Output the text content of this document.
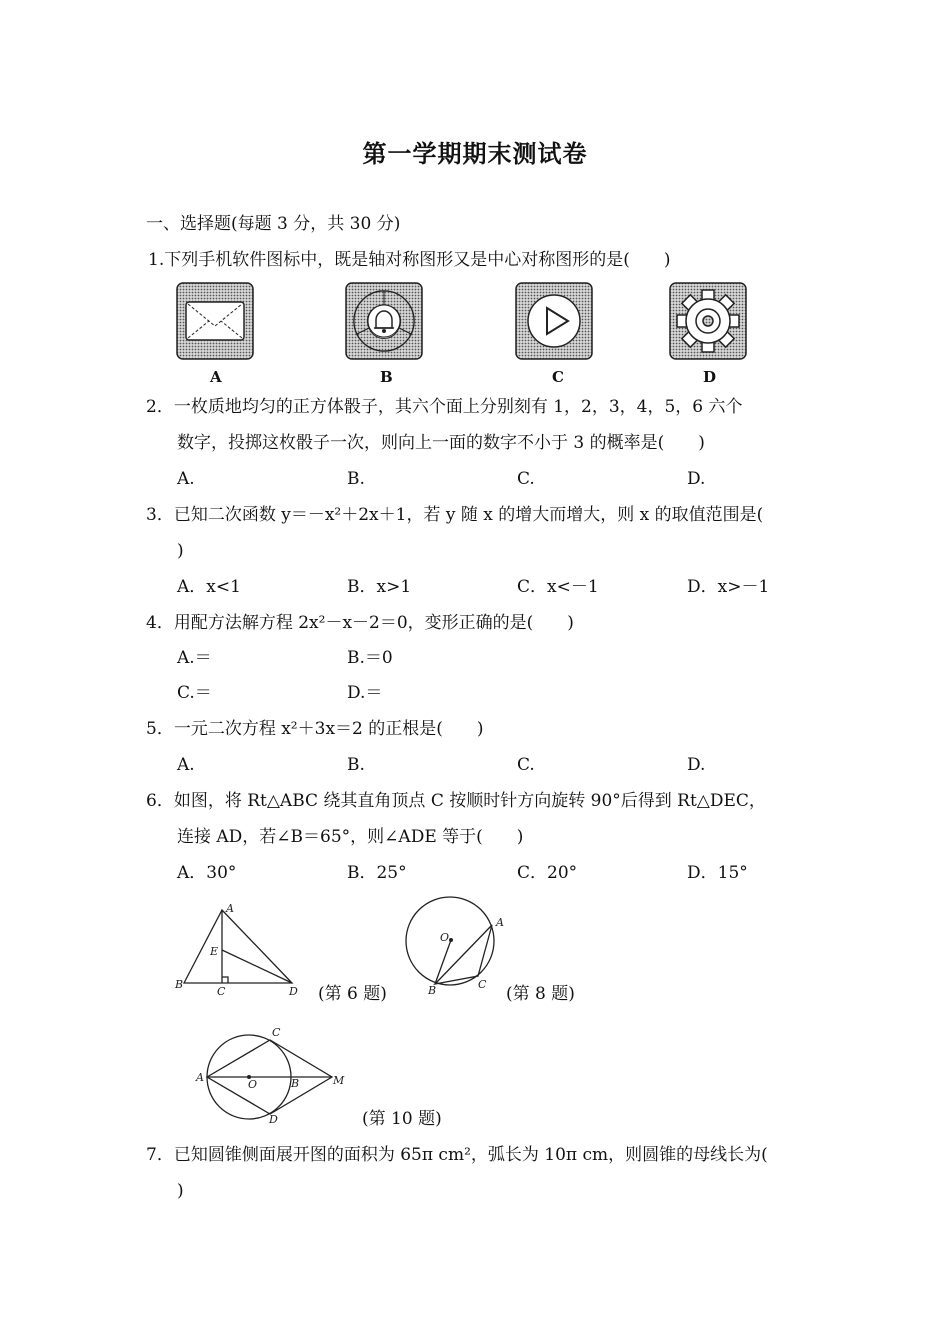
第一学期期末测试卷
一、选择题(每题 3 分，共 30 分)
1.下列手机软件图标中，既是轴对称图形又是中心对称图形的是(　　)
A	B	C	D
2．一枚质地均匀的正方体骰子，其六个面上分别刻有 1，2，3，4，5，6 六个
数字，投掷这枚骰子一次，则向上一面的数字不小于 3 的概率是(　　)
A.	B.	C.	D.
3．已知二次函数 y＝－x²＋2x＋1，若 y 随 x 的增大而增大，则 x 的取值范围是(
)
A．x<1	B．x>1	C．x<－1	D．x>－1
4．用配方法解方程 2x²－x－2＝0，变形正确的是(　　)
A.＝	B.＝0
C.＝	D.＝
5．一元二次方程 x²＋3x＝2 的正根是(　　)
A.	B.	C.	D.
6．如图，将 Rt△ABC 绕其直角顶点 C 按顺时针方向旋转 90°后得到 Rt△DEC，
连接 AD，若∠B＝65°，则∠ADE 等于(　　)
A．30°	B．25°	C．20°	D．15°
A
E
B
C	D (第 6 题)
O
A
B	C (第 8 题)
C
A
O	B	M
D	(第 10 题)
7．已知圆锥侧面展开图的面积为 65π cm²，弧长为 10π cm，则圆锥的母线长为(
)
